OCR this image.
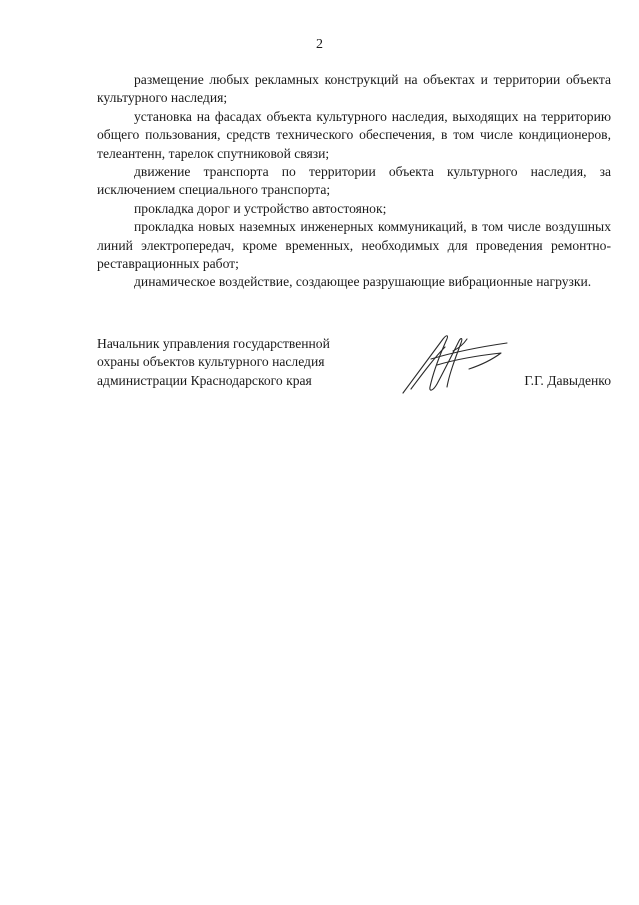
2

размещение любых рекламных конструкций на объектах и территории объекта культурного наследия;

установка на фасадах объекта культурного наследия, выходящих на территорию общего пользования, средств технического обеспечения, в том числе кондиционеров, телеантенн, тарелок спутниковой связи;

движение транспорта по территории объекта культурного наследия, за исключением специального транспорта;

прокладка дорог и устройство автостоянок;

прокладка новых наземных инженерных коммуникаций, в том числе воздушных линий электропередач, кроме временных, необходимых для проведения ремонтно-реставрационных работ;

динамическое воздействие, создающее разрушающие вибрационные нагрузки.

Начальник управления государственной
охраны объектов культурного наследия
администрации Краснодарского края	Г.Г. Давыденко
